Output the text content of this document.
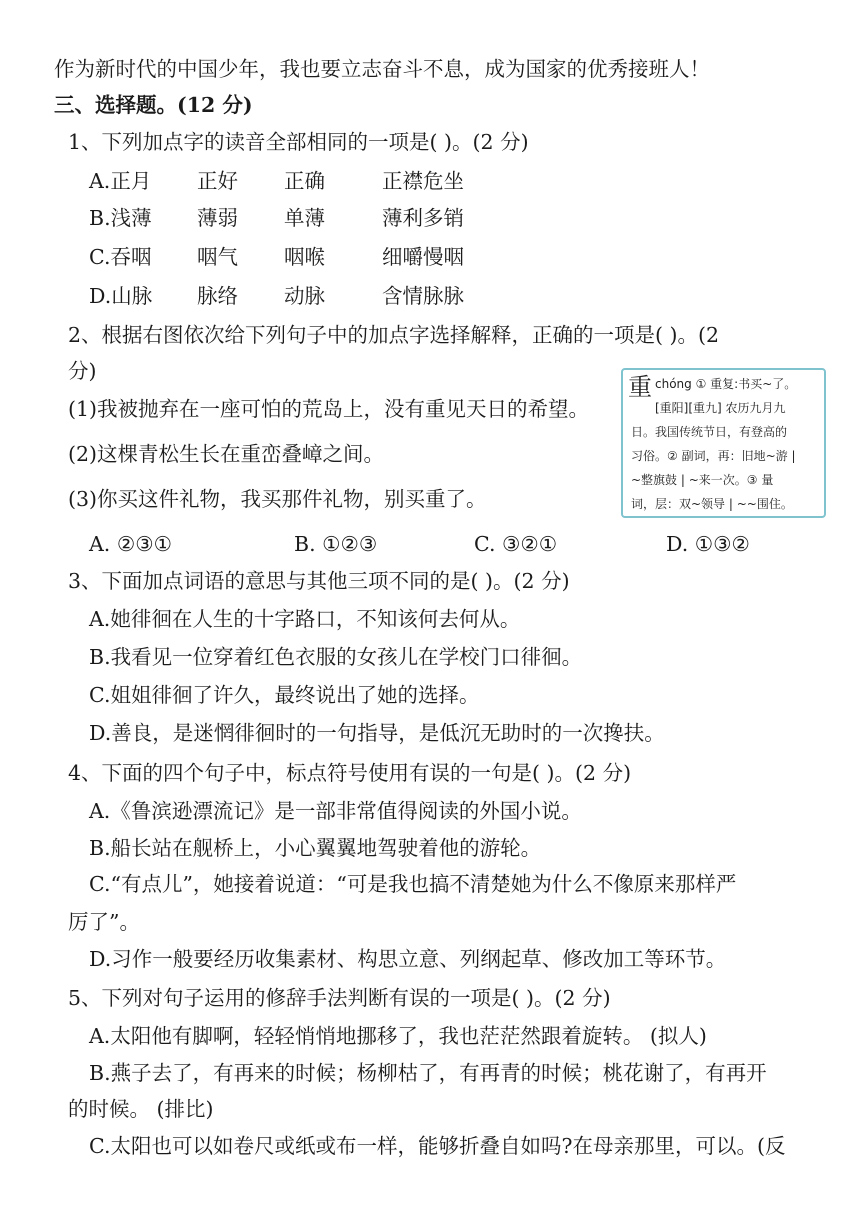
作为新时代的中国少年，我也要立志奋斗不息，成为国家的优秀接班人！
三、选择题。(12 分)
1、下列加点字的读音全部相同的一项是( )。(2 分)
A.正月 正好 正确	正襟危坐
B.浅薄 薄弱 单薄	薄利多销
C.吞咽 咽气 咽喉	细嚼慢咽
D.山脉 脉络 动脉	含情脉脉
2、根据右图依次给下列句子中的加点字选择解释，正确的一项是( )。(2
分)
(1)我被抛弃在一座可怕的荒岛上，没有重见天日的希望。
(2)这棵青松生长在重峦叠嶂之间。
(3)你买这件礼物，我买那件礼物，别买重了。
重 chóng ① 重复:书买~了。
[重阳][重九] 农历九月九
日。我国传统节日，有登高的
习俗。② 副词，再：旧地~游 |
~整旗鼓 | ~来一次。③ 量
词，层：双~领导 | ~~围住。
A. ②③①	B. ①②③	C. ③②①	D. ①③②
3、下面加点词语的意思与其他三项不同的是( )。(2 分)
A.她徘徊在人生的十字路口，不知该何去何从。
B.我看见一位穿着红色衣服的女孩儿在学校门口徘徊。
C.姐姐徘徊了许久，最终说出了她的选择。
D.善良，是迷惘徘徊时的一句指导，是低沉无助时的一次搀扶。
4、下面的四个句子中，标点符号使用有误的一句是( )。(2 分)
A.《鲁滨逊漂流记》是一部非常值得阅读的外国小说。
B.船长站在舰桥上，小心翼翼地驾驶着他的游轮。
C.“有点儿”，她接着说道：“可是我也搞不清楚她为什么不像原来那样严
厉了”。
D.习作一般要经历收集素材、构思立意、列纲起草、修改加工等环节。
5、下列对句子运用的修辞手法判断有误的一项是( )。(2 分)
A.太阳他有脚啊，轻轻悄悄地挪移了，我也茫茫然跟着旋转。 (拟人)
B.燕子去了，有再来的时候；杨柳枯了，有再青的时候；桃花谢了，有再开
的时候。 (排比)
C.太阳也可以如卷尺或纸或布一样，能够折叠自如吗?在母亲那里，可以。(反
